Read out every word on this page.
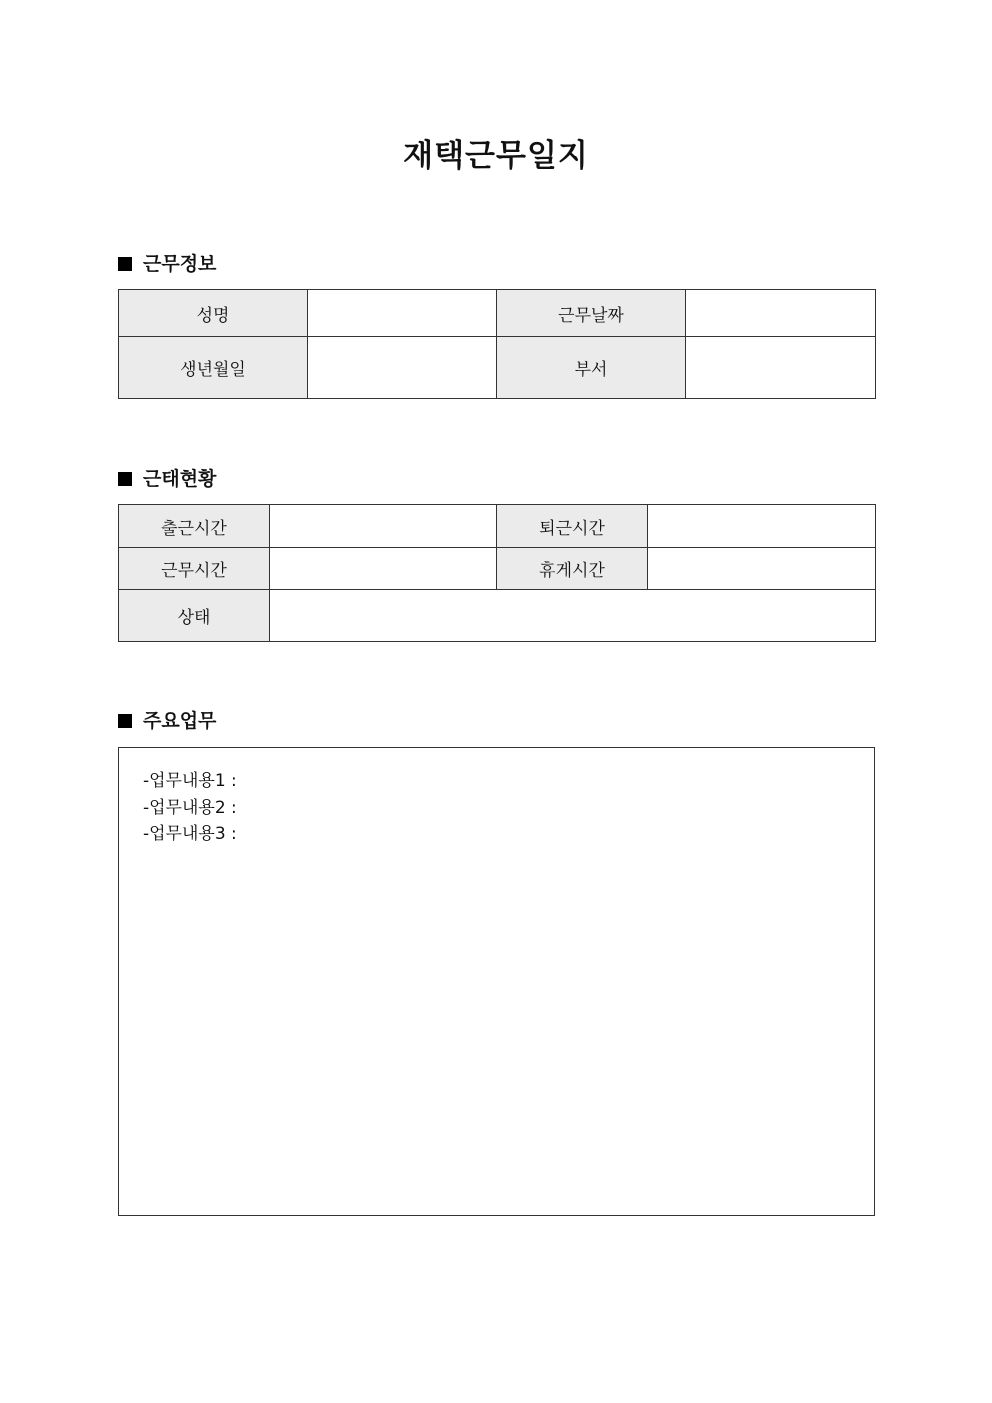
재택근무일지
근무정보
성명		근무날짜	
생년월일		부서	
근태현황
출근시간		퇴근시간	
근무시간		휴게시간	
상태			
주요업무
-업무내용1 :
-업무내용2 :
-업무내용3 :
